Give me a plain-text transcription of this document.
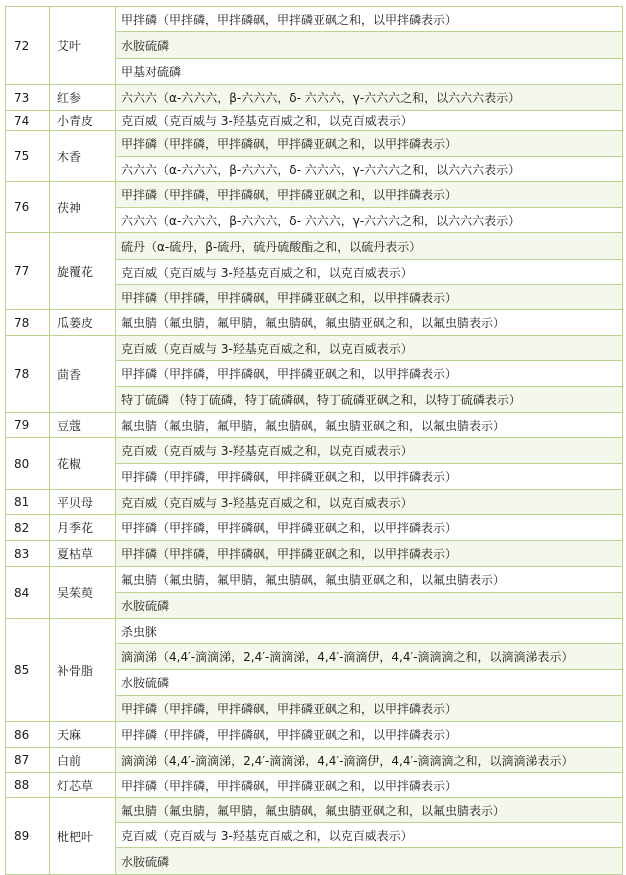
72	艾叶	甲拌磷（甲拌磷，甲拌磷砜，甲拌磷亚砜之和，以甲拌磷表示）
		水胺硫磷
		甲基对硫磷
73	红参	六六六（α-六六六，β-六六六，δ- 六六六，γ-六六六之和，以六六六表示）
74	小青皮	克百威（克百威与 3-羟基克百威之和，以克百威表示）
75	木香	甲拌磷（甲拌磷，甲拌磷砜，甲拌磷亚砜之和，以甲拌磷表示）
		六六六（α-六六六，β-六六六，δ- 六六六，γ-六六六之和，以六六六表示）
76	茯神	甲拌磷（甲拌磷，甲拌磷砜，甲拌磷亚砜之和，以甲拌磷表示）
		六六六（α-六六六，β-六六六，δ- 六六六，γ-六六六之和，以六六六表示）
77	旋覆花	硫丹（α-硫丹，β-硫丹，硫丹硫酸酯之和，以硫丹表示）
		克百威（克百威与 3-羟基克百威之和，以克百威表示）
		甲拌磷（甲拌磷，甲拌磷砜，甲拌磷亚砜之和，以甲拌磷表示）
78	瓜蒌皮	氟虫腈（氟虫腈，氟甲腈，氟虫腈砜，氟虫腈亚砜之和，以氟虫腈表示）
78	茴香	克百威（克百威与 3-羟基克百威之和，以克百威表示）
		甲拌磷（甲拌磷，甲拌磷砜，甲拌磷亚砜之和，以甲拌磷表示）
		特丁硫磷 （特丁硫磷，特丁硫磷砜，特丁硫磷亚砜之和，以特丁硫磷表示）
79	豆蔻	氟虫腈（氟虫腈，氟甲腈，氟虫腈砜，氟虫腈亚砜之和，以氟虫腈表示）
80	花椒	克百威（克百威与 3-羟基克百威之和，以克百威表示）
		甲拌磷（甲拌磷，甲拌磷砜，甲拌磷亚砜之和，以甲拌磷表示）
81	平贝母	克百威（克百威与 3-羟基克百威之和，以克百威表示）
82	月季花	甲拌磷（甲拌磷，甲拌磷砜，甲拌磷亚砜之和，以甲拌磷表示）
83	夏枯草	甲拌磷（甲拌磷，甲拌磷砜，甲拌磷亚砜之和，以甲拌磷表示）
84	吴茱萸	氟虫腈（氟虫腈，氟甲腈，氟虫腈砜，氟虫腈亚砜之和，以氟虫腈表示）
		水胺硫磷
85	补骨脂	杀虫脒
		滴滴涕（4,4′-滴滴涕，2,4′-滴滴涕，4,4′-滴滴伊，4,4′-滴滴滴之和，以滴滴涕表示）
		水胺硫磷
		甲拌磷（甲拌磷，甲拌磷砜，甲拌磷亚砜之和，以甲拌磷表示）
86	天麻	甲拌磷（甲拌磷，甲拌磷砜，甲拌磷亚砜之和，以甲拌磷表示）
87	白前	滴滴涕（4,4′-滴滴涕，2,4′-滴滴涕，4,4′-滴滴伊，4,4′-滴滴滴之和，以滴滴涕表示）
88	灯芯草	甲拌磷（甲拌磷，甲拌磷砜，甲拌磷亚砜之和，以甲拌磷表示）
89	枇杷叶	氟虫腈（氟虫腈，氟甲腈，氟虫腈砜，氟虫腈亚砜之和，以氟虫腈表示）
		克百威（克百威与 3-羟基克百威之和，以克百威表示）
		水胺硫磷
